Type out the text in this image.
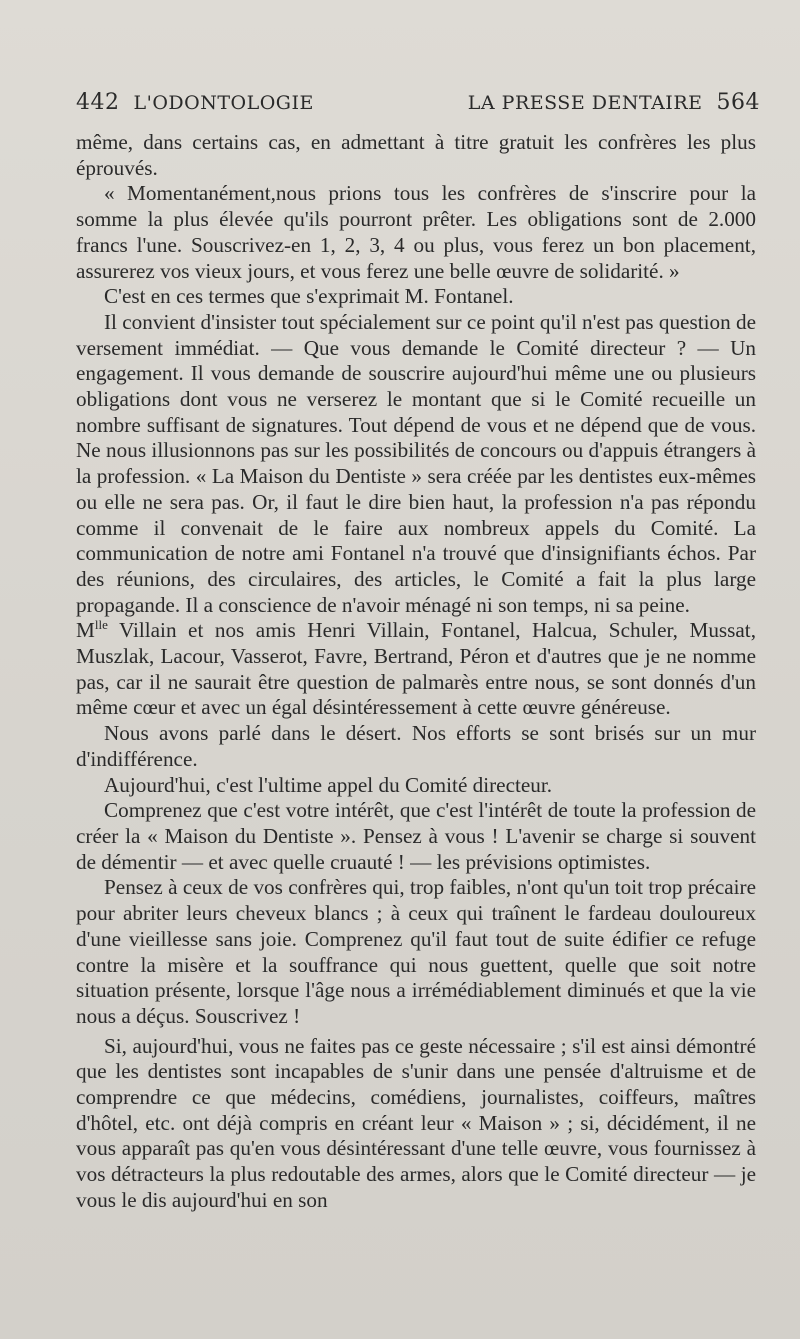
442 L'ODONTOLOGIE	LA PRESSE DENTAIRE 564

même, dans certains cas, en admettant à titre gratuit les confrères les plus éprouvés.

« Momentanément,nous prions tous les confrères de s'inscrire pour la somme la plus élevée qu'ils pourront prêter. Les obligations sont de 2.000 francs l'une. Souscrivez-en 1, 2, 3, 4 ou plus, vous ferez un bon placement, assurerez vos vieux jours, et vous ferez une belle œuvre de solidarité. »

C'est en ces termes que s'exprimait M. Fontanel.

Il convient d'insister tout spécialement sur ce point qu'il n'est pas question de versement immédiat. — Que vous demande le Comité directeur ? — Un engagement. Il vous demande de souscrire aujourd'hui même une ou plusieurs obligations dont vous ne verserez le montant que si le Comité recueille un nombre suffisant de signatures. Tout dépend de vous et ne dépend que de vous. Ne nous illusionnons pas sur les possibilités de concours ou d'appuis étrangers à la profession. « La Maison du Dentiste » sera créée par les dentistes eux-mêmes ou elle ne sera pas. Or, il faut le dire bien haut, la profession n'a pas répondu comme il convenait de le faire aux nombreux appels du Comité. La communication de notre ami Fontanel n'a trouvé que d'insignifiants échos. Par des réunions, des circulaires, des articles, le Comité a fait la plus large propagande. Il a conscience de n'avoir ménagé ni son temps, ni sa peine.

$M^{lle}$ Villain et nos amis Henri Villain, Fontanel, Halcua, Schuler, Mussat, Muszlak, Lacour, Vasserot, Favre, Bertrand, Péron et d'autres que je ne nomme pas, car il ne saurait être question de palmarès entre nous, se sont donnés d'un même cœur et avec un égal désintéressement à cette œuvre généreuse.

Nous avons parlé dans le désert. Nos efforts se sont brisés sur un mur d'indifférence.

Aujourd'hui, c'est l'ultime appel du Comité directeur.

Comprenez que c'est votre intérêt, que c'est l'intérêt de toute la profession de créer la « Maison du Dentiste ». Pensez à vous ! L'avenir se charge si souvent de démentir — et avec quelle cruauté ! — les prévisions optimistes.

Pensez à ceux de vos confrères qui, trop faibles, n'ont qu'un toit trop précaire pour abriter leurs cheveux blancs ; à ceux qui traînent le fardeau douloureux d'une vieillesse sans joie. Comprenez qu'il faut tout de suite édifier ce refuge contre la misère et la souffrance qui nous guettent, quelle que soit notre situation présente, lorsque l'âge nous a irrémédiablement diminués et que la vie nous a déçus. Souscrivez !

Si, aujourd'hui, vous ne faites pas ce geste nécessaire ; s'il est ainsi démontré que les dentistes sont incapables de s'unir dans une pensée d'altruisme et de comprendre ce que médecins, comédiens, journalistes, coiffeurs, maîtres d'hôtel, etc. ont déjà compris en créant leur « Maison » ; si, décidément, il ne vous apparaît pas qu'en vous désintéressant d'une telle œuvre, vous fournissez à vos détracteurs la plus redoutable des armes, alors que le Comité directeur — je vous le dis aujourd'hui en son
